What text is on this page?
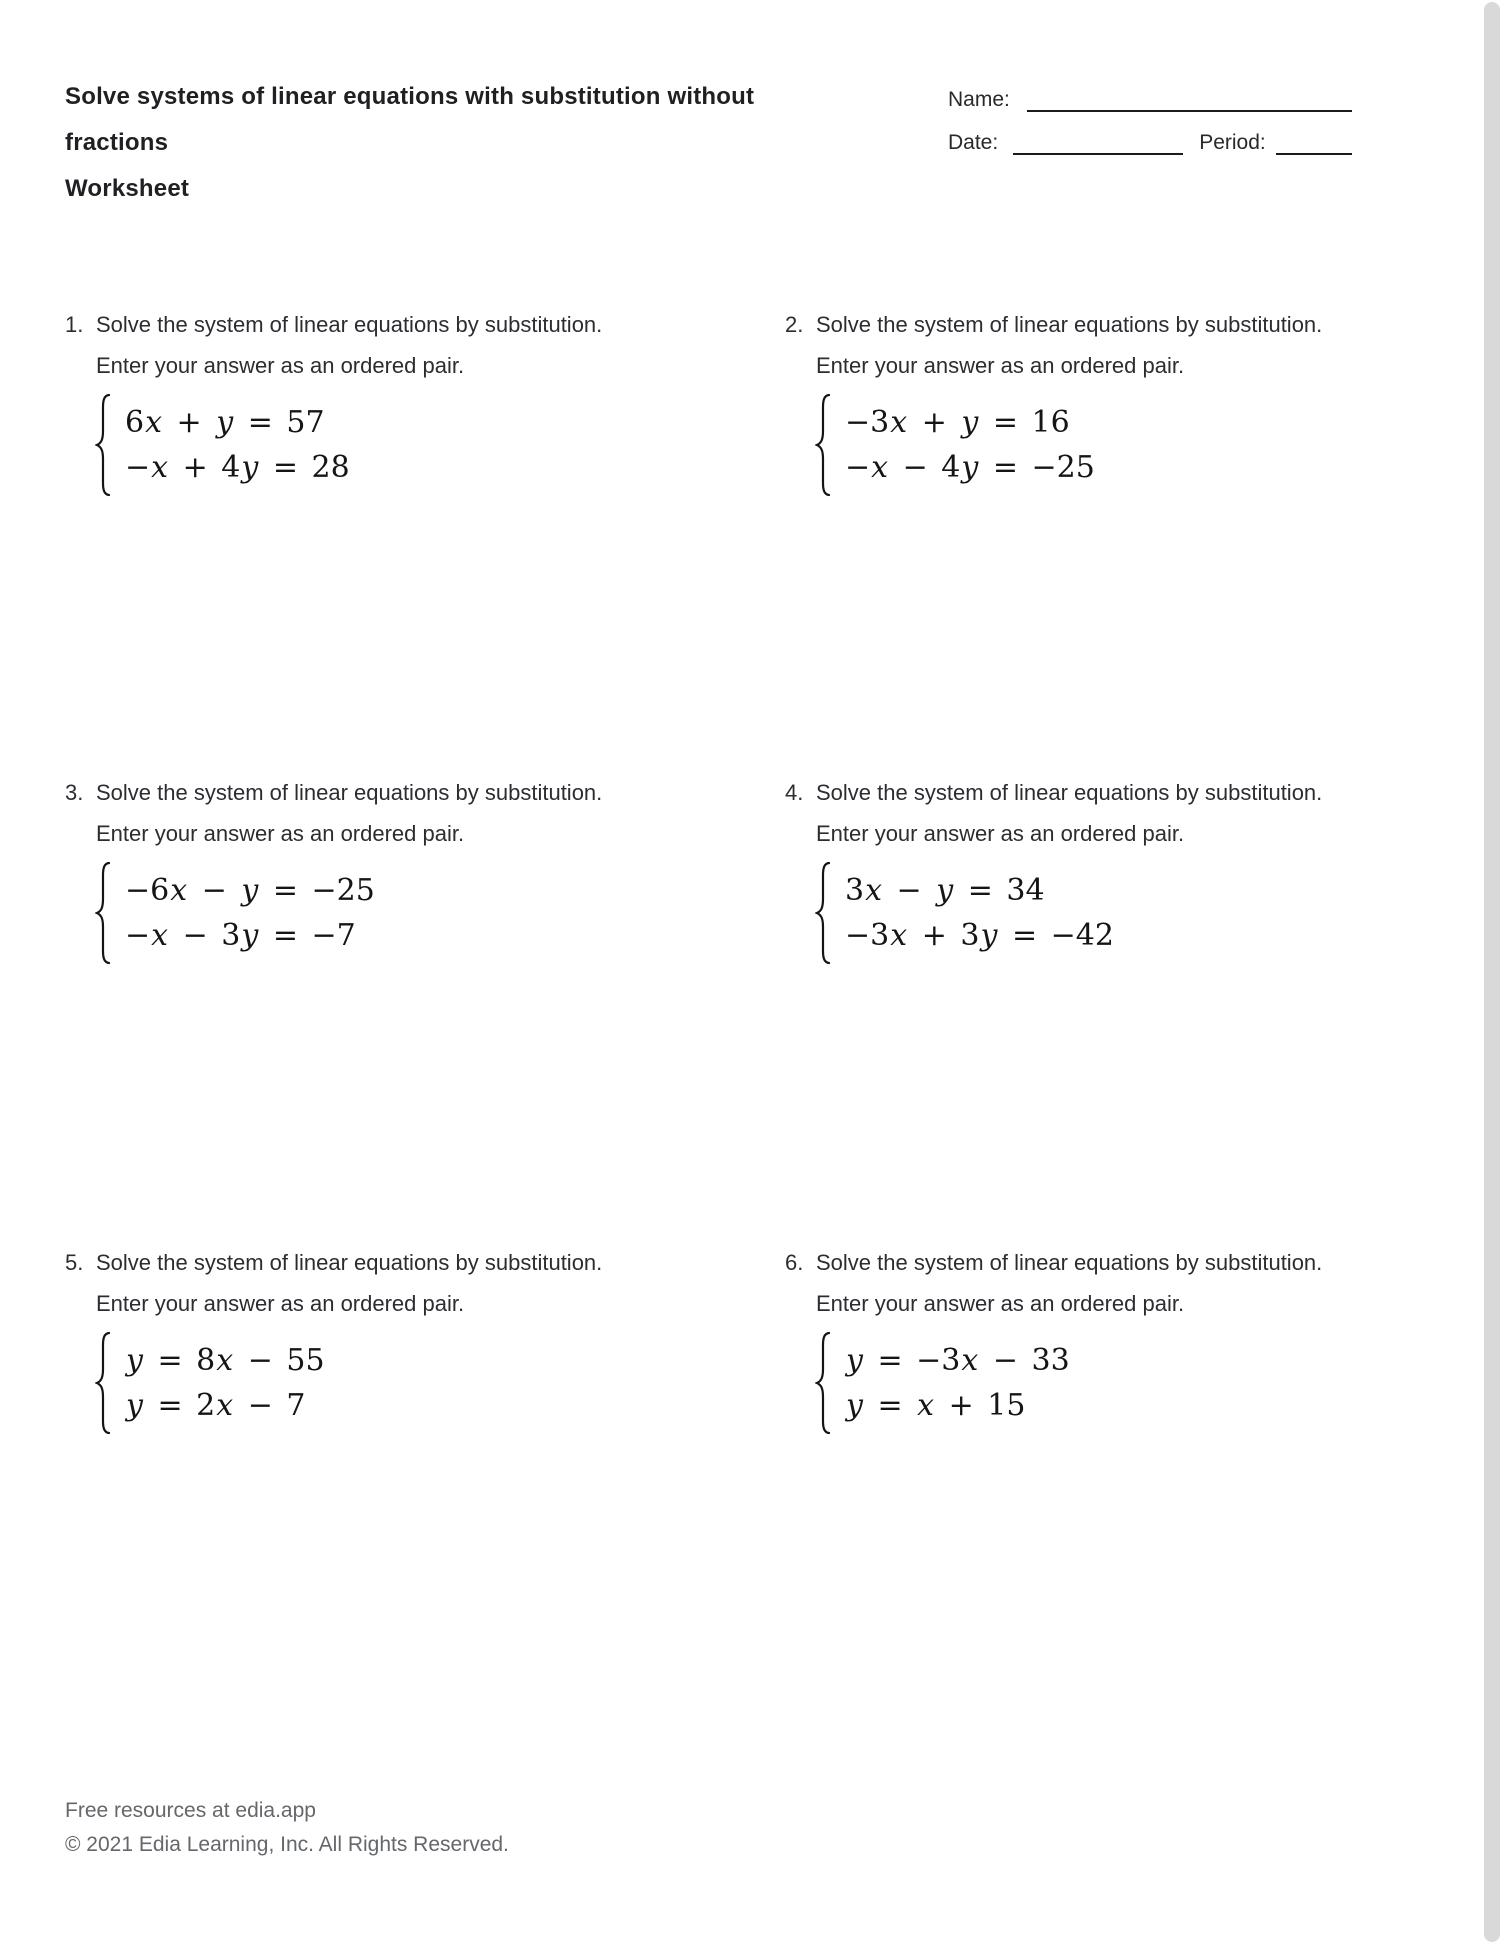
Solve systems of linear equations with substitution without
fractions
Worksheet
Name:
Date:	Period:
1. Solve the system of linear equations by substitution. Enter your answer as an ordered pair.
6x + y = 57
−x + 4y = 28
2. Solve the system of linear equations by substitution. Enter your answer as an ordered pair.
−3x + y = 16
−x − 4y = −25
3. Solve the system of linear equations by substitution. Enter your answer as an ordered pair.
−6x − y = −25
−x − 3y = −7
4. Solve the system of linear equations by substitution. Enter your answer as an ordered pair.
3x − y = 34
−3x + 3y = −42
5. Solve the system of linear equations by substitution. Enter your answer as an ordered pair.
y = 8x − 55
y = 2x − 7
6. Solve the system of linear equations by substitution. Enter your answer as an ordered pair.
y = −3x − 33
y = x + 15
Free resources at edia.app
© 2021 Edia Learning, Inc. All Rights Reserved.
